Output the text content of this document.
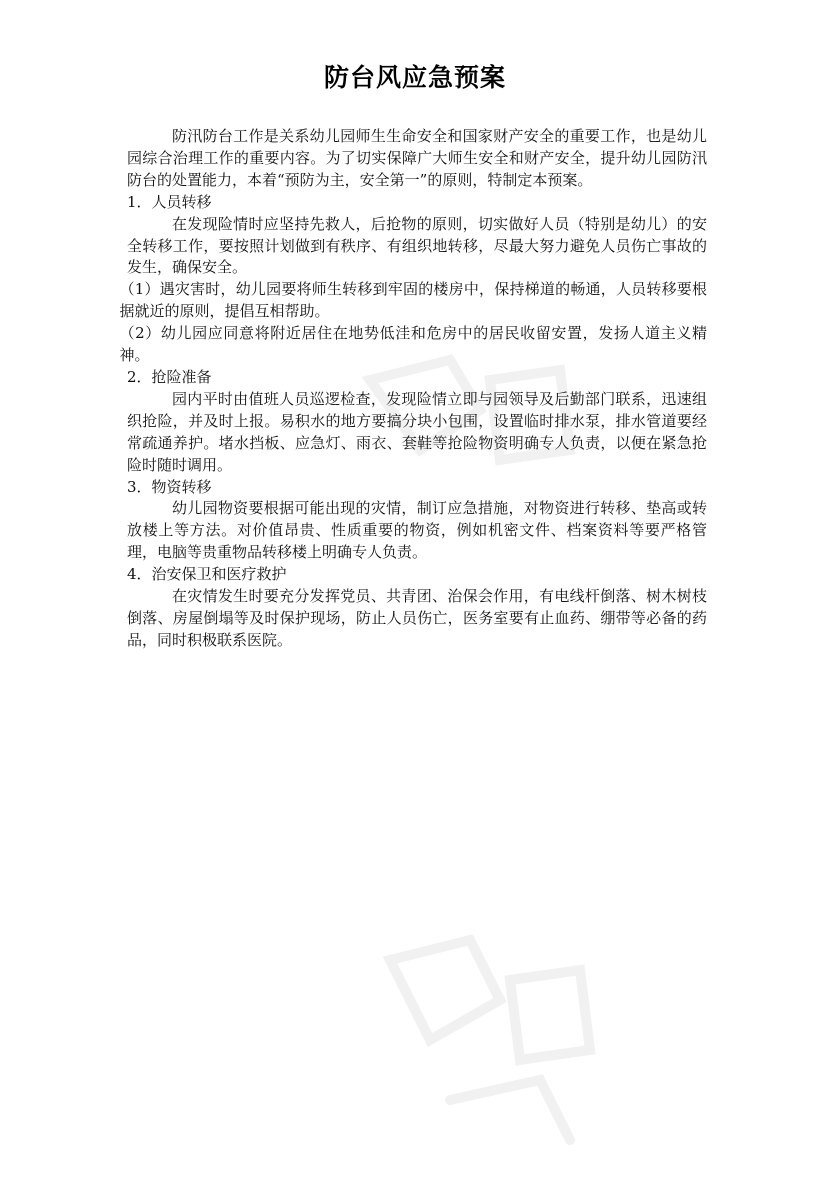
防台风应急预案

防汛防台工作是关系幼儿园师生生命安全和国家财产安全的重要工作，也是幼儿园综合治理工作的重要内容。为了切实保障广大师生安全和财产安全，提升幼儿园防汛防台的处置能力，本着“预防为主，安全第一”的原则，特制定本预案。

1．人员转移

在发现险情时应坚持先救人，后抢物的原则，切实做好人员（特别是幼儿）的安全转移工作，要按照计划做到有秩序、有组织地转移，尽最大努力避免人员伤亡事故的发生，确保安全。

（1）遇灾害时，幼儿园要将师生转移到牢固的楼房中，保持梯道的畅通，人员转移要根据就近的原则，提倡互相帮助。

（2）幼儿园应同意将附近居住在地势低洼和危房中的居民收留安置，发扬人道主义精神。

2．抢险准备

园内平时由值班人员巡逻检查，发现险情立即与园领导及后勤部门联系，迅速组织抢险，并及时上报。易积水的地方要搞分块小包围，设置临时排水泵，排水管道要经常疏通养护。堵水挡板、应急灯、雨衣、套鞋等抢险物资明确专人负责，以便在紧急抢险时随时调用。

3．物资转移

幼儿园物资要根据可能出现的灾情，制订应急措施，对物资进行转移、垫高或转放楼上等方法。对价值昂贵、性质重要的物资，例如机密文件、档案资料等要严格管理，电脑等贵重物品转移楼上明确专人负责。

4．治安保卫和医疗救护

在灾情发生时要充分发挥党员、共青团、治保会作用，有电线杆倒落、树木树枝倒落、房屋倒塌等及时保护现场，防止人员伤亡，医务室要有止血药、绷带等必备的药品，同时积极联系医院。
